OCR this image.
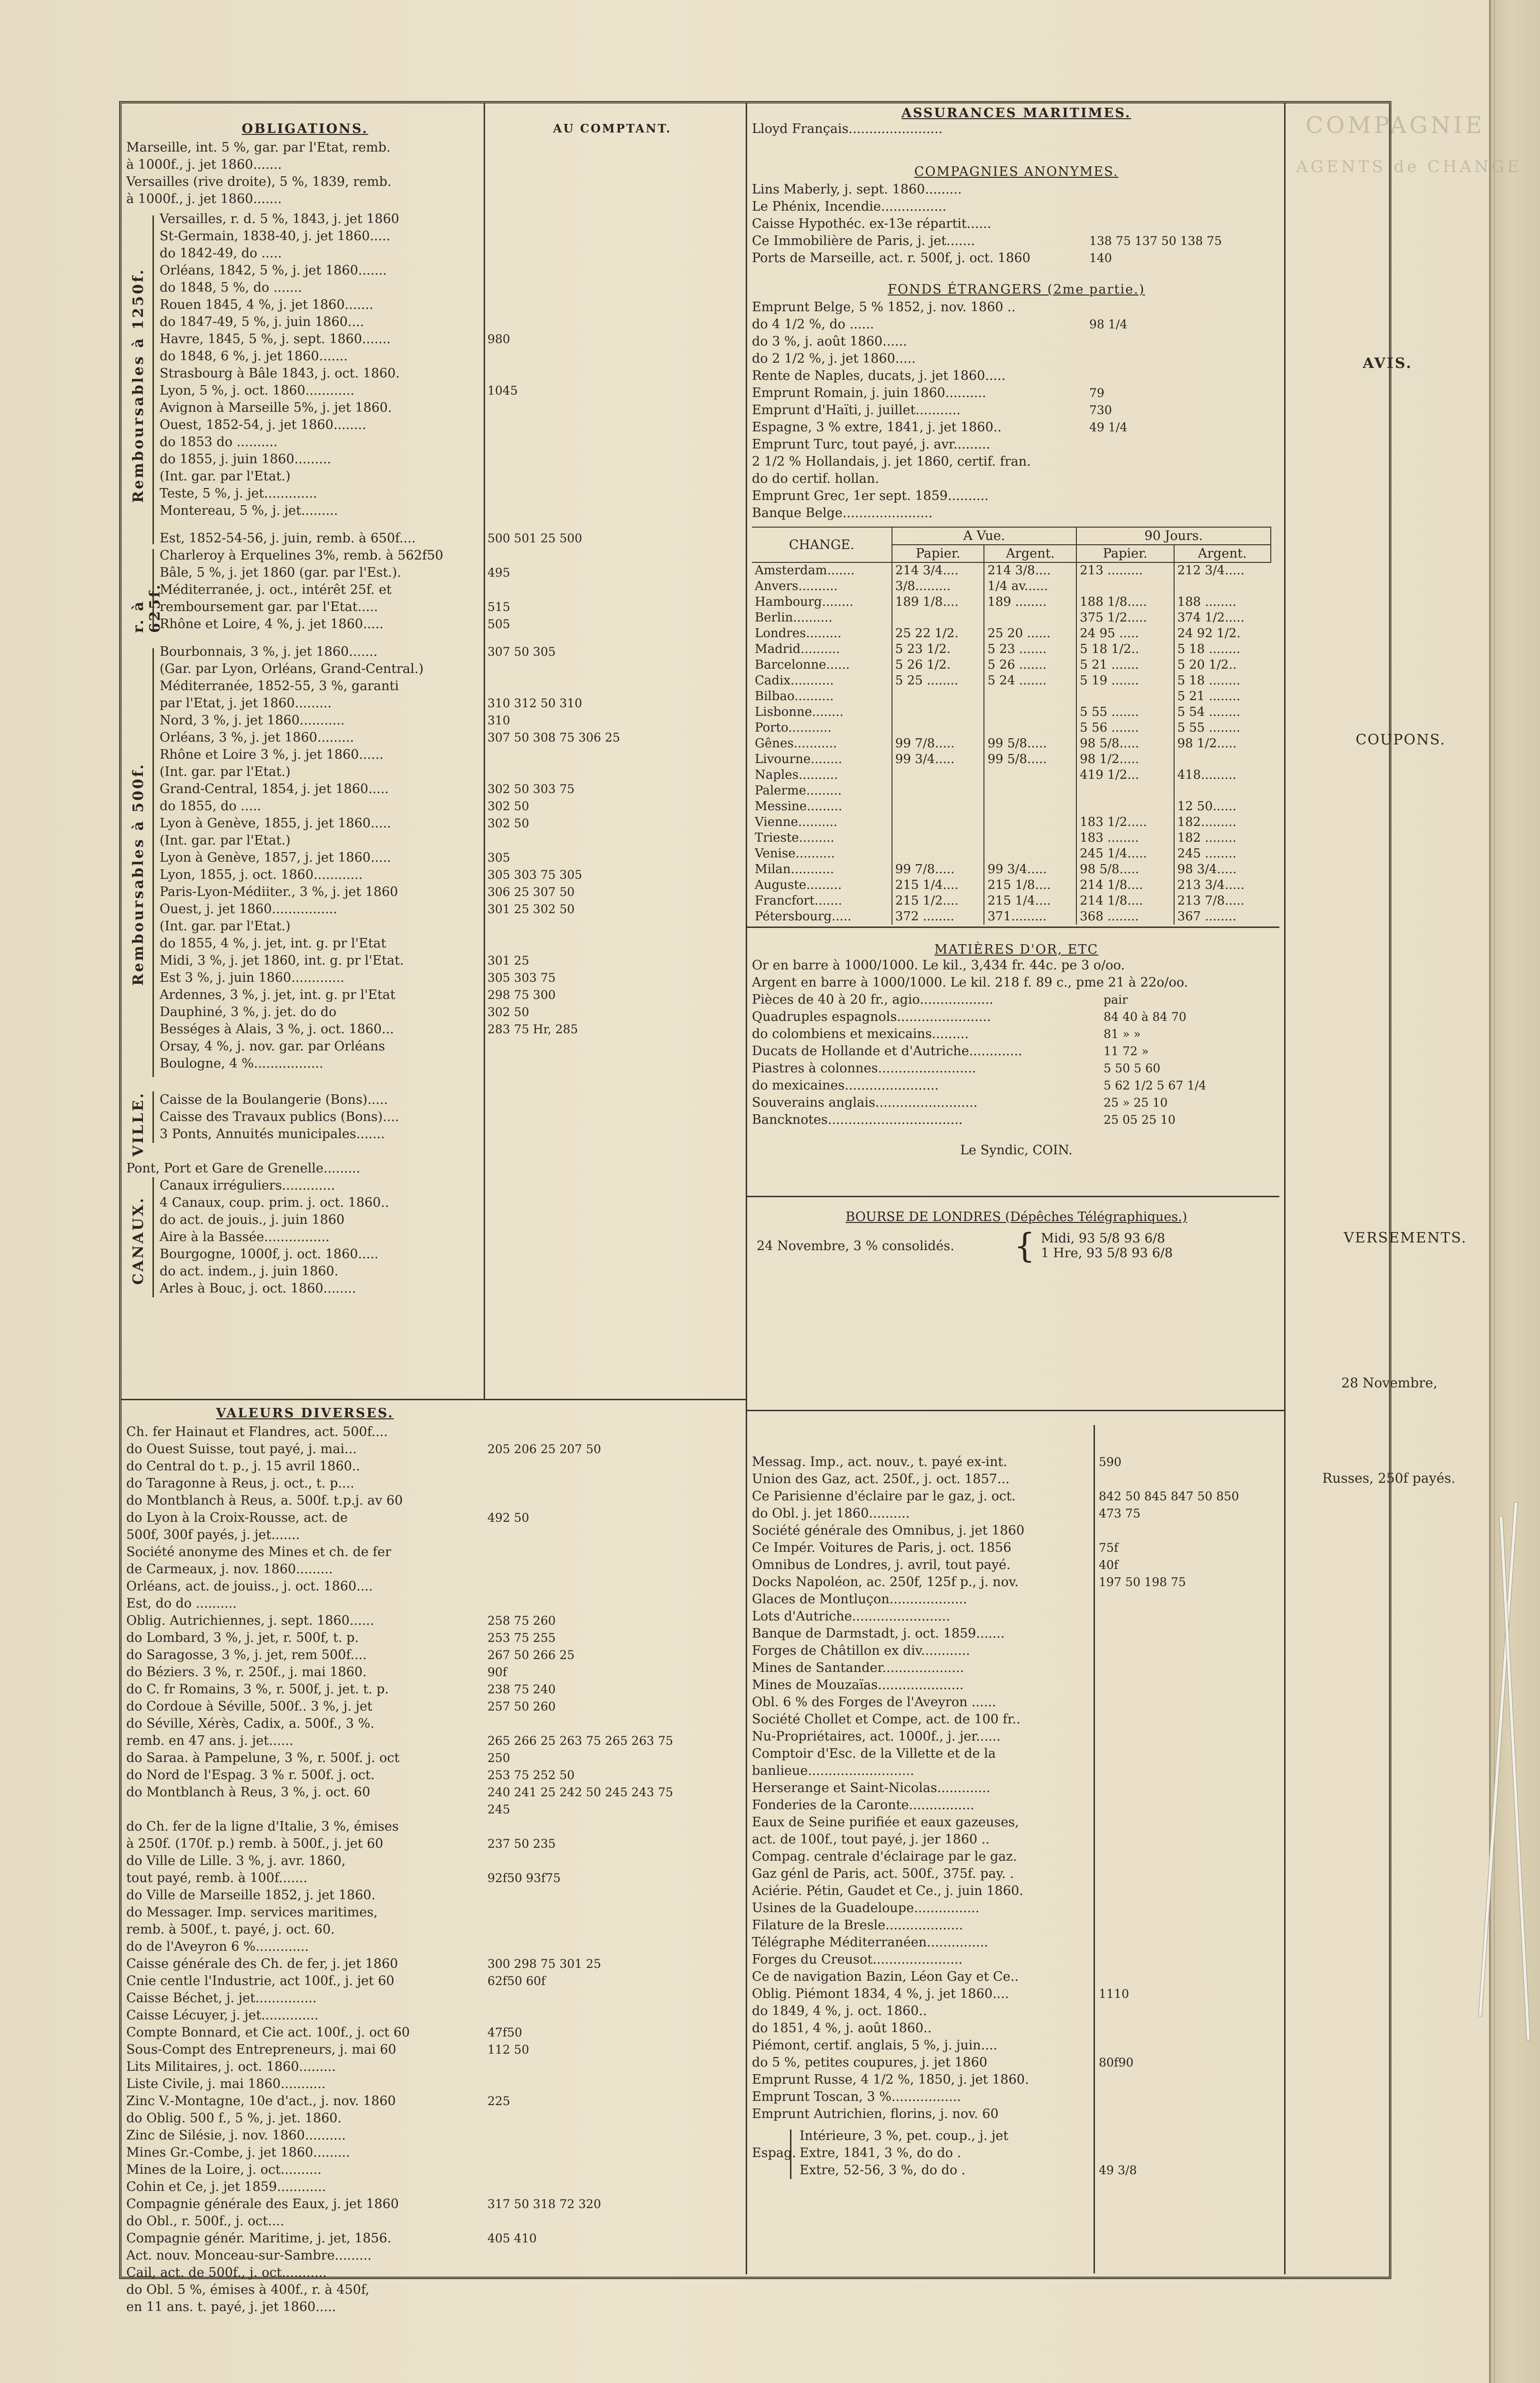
COMPAGNIE
AGENTS de CHANGE
OBLIGATIONS.	AU COMPTANT.
Marseille, int. 5 %, gar. par l'Etat, remb.
à 1000f., j. jet 1860.......
Versailles (rive droite), 5 %, 1839, remb.
à 1000f., j. jet 1860.......
Remboursables à 1250f.
Versailles, r. d. 5 %, 1843, j. jet 1860
St-Germain, 1838-40, j. jet 1860.....
do 1842-49, do .....
Orléans, 1842, 5 %, j. jet 1860.......
do 1848, 5 %, do .......
Rouen 1845, 4 %, j. jet 1860.......
do 1847-49, 5 %, j. juin 1860....
Havre, 1845, 5 %, j. sept. 1860.......	980
do 1848, 6 %, j. jet 1860.......
Strasbourg à Bâle 1843, j. oct. 1860.
Lyon, 5 %, j. oct. 1860............	1045
Avignon à Marseille 5%, j. jet 1860.
Ouest, 1852-54, j. jet 1860........
do 1853 do ..........
do 1855, j. juin 1860.........
(Int. gar. par l'Etat.)
Teste, 5 %, j. jet.............
Montereau, 5 %, j. jet.........
r. à 625f.
Est, 1852-54-56, j. juin, remb. à 650f....	500 501 25 500
Charleroy à Erquelines 3%, remb. à 562f50
Bâle, 5 %, j. jet 1860 (gar. par l'Est.).	495
Méditerranée, j. oct., intérêt 25f. et
remboursement gar. par l'Etat.....	515
Rhône et Loire, 4 %, j. jet 1860.....	505
Remboursables à 500f.
Bourbonnais, 3 %, j. jet 1860.......	307 50 305
(Gar. par Lyon, Orléans, Grand-Central.)
Méditerranée, 1852-55, 3 %, garanti
par l'Etat, j. jet 1860.........	310 312 50 310
Nord, 3 %, j. jet 1860...........	310
Orléans, 3 %, j. jet 1860.........	307 50 308 75 306 25
Rhône et Loire 3 %, j. jet 1860......
(Int. gar. par l'Etat.)
Grand-Central, 1854, j. jet 1860.....	302 50 303 75
do 1855, do .....	302 50
Lyon à Genève, 1855, j. jet 1860.....	302 50
(Int. gar. par l'Etat.)
Lyon à Genève, 1857, j. jet 1860.....	305
Lyon, 1855, j. oct. 1860............	305 303 75 305
Paris-Lyon-Médiiter., 3 %, j. jet 1860	306 25 307 50
Ouest, j. jet 1860................	301 25 302 50
(Int. gar. par l'Etat.)
do 1855, 4 %, j. jet, int. g. pr l'Etat
Midi, 3 %, j. jet 1860, int. g. pr l'Etat.	301 25
Est 3 %, j. juin 1860.............	305 303 75
Ardennes, 3 %, j. jet, int. g. pr l'Etat	298 75 300
Dauphiné, 3 %, j. jet. do do	302 50
Bességes à Alais, 3 %, j. oct. 1860...	283 75 Hr, 285
Orsay, 4 %, j. nov. gar. par Orléans
Boulogne, 4 %.................
VILLE. Caisse de la Boulangerie (Bons).....
Caisse des Travaux publics (Bons)....
3 Ponts, Annuités municipales.......
Pont, Port et Gare de Grenelle.........
CANAUX.
Canaux irréguliers.............
4 Canaux, coup. prim. j. oct. 1860..
do act. de jouis., j. juin 1860
Aire à la Bassée................
Bourgogne, 1000f, j. oct. 1860.....
do act. indem., j. juin 1860.
Arles à Bouc, j. oct. 1860........
VALEURS DIVERSES.
Ch. fer Hainaut et Flandres, act. 500f....
do Ouest Suisse, tout payé, j. mai...	205 206 25 207 50
do Central do t. p., j. 15 avril 1860..
do Taragonne à Reus, j. oct., t. p....
do Montblanch à Reus, a. 500f. t.p.j. av 60
do Lyon à la Croix-Rousse, act. de	492 50
500f, 300f payés, j. jet.......
Société anonyme des Mines et ch. de fer
de Carmeaux, j. nov. 1860.........
Orléans, act. de jouiss., j. oct. 1860....
Est, do do ..........
Oblig. Autrichiennes, j. sept. 1860......	258 75 260
do Lombard, 3 %, j. jet, r. 500f, t. p.	253 75 255
do Saragosse, 3 %, j. jet, rem 500f....	267 50 266 25
do Béziers. 3 %, r. 250f., j. mai 1860.	90f
do C. fr Romains, 3 %, r. 500f, j. jet. t. p.	238 75 240
do Cordoue à Séville, 500f.. 3 %, j. jet	257 50 260
do Séville, Xérès, Cadix, a. 500f., 3 %.
remb. en 47 ans. j. jet......	265 266 25 263 75 265 263 75
do Saraa. à Pampelune, 3 %, r. 500f. j. oct	250
do Nord de l'Espag. 3 % r. 500f. j. oct.	253 75 252 50
do Montblanch à Reus, 3 %, j. oct. 60	240 241 25 242 50 245 243 75
245
do Ch. fer de la ligne d'Italie, 3 %, émises
à 250f. (170f. p.) remb. à 500f., j. jet 60	237 50 235
do Ville de Lille. 3 %, j. avr. 1860,
tout payé, remb. à 100f.......	92f50 93f75
do Ville de Marseille 1852, j. jet 1860.
do Messager. Imp. services maritimes,
remb. à 500f., t. payé, j. oct. 60.
do de l'Aveyron 6 %.............
Caisse générale des Ch. de fer, j. jet 1860	300 298 75 301 25
Cnie centle l'Industrie, act 100f., j. jet 60	62f50 60f
Caisse Béchet, j. jet...............
Caisse Lécuyer, j. jet..............
Compte Bonnard, et Cie act. 100f., j. oct 60	47f50
Sous-Compt des Entrepreneurs, j. mai 60	112 50
Lits Militaires, j. oct. 1860.........
Liste Civile, j. mai 1860...........
Zinc V.-Montagne, 10e d'act., j. nov. 1860	225
do Oblig. 500 f., 5 %, j. jet. 1860.
Zinc de Silésie, j. nov. 1860..........
Mines Gr.-Combe, j. jet 1860.........
Mines de la Loire, j. oct..........
Cohin et Ce, j. jet 1859............
Compagnie générale des Eaux, j. jet 1860	317 50 318 72 320
do Obl., r. 500f., j. oct....
Compagnie génér. Maritime, j. jet, 1856.	405 410
Act. nouv. Monceau-sur-Sambre.........
Cail, act. de 500f., j. oct...........
do Obl. 5 %, émises à 400f., r. à 450f,
en 11 ans. t. payé, j. jet 1860.....
ASSURANCES MARITIMES.
Lloyd Français.......................
COMPAGNIES ANONYMES.
Lins Maberly, j. sept. 1860.........
Le Phénix, Incendie................
Caisse Hypothéc. ex-13e répartit......
Ce Immobilière de Paris, j. jet.......	138 75 137 50 138 75
Ports de Marseille, act. r. 500f, j. oct. 1860	140
FONDS ÉTRANGERS (2me partie.)
Emprunt Belge, 5 % 1852, j. nov. 1860 ..
do 4 1/2 %, do ......	98 1/4
do 3 %, j. août 1860......
do 2 1/2 %, j. jet 1860.....
Rente de Naples, ducats, j. jet 1860.....
Emprunt Romain, j. juin 1860..........	79
Emprunt d'Haïti, j. juillet...........	730
Espagne, 3 % extre, 1841, j. jet 1860..	49 1/4
Emprunt Turc, tout payé, j. avr.........
2 1/2 % Hollandais, j. jet 1860, certif. fran.
do do certif. hollan.
Emprunt Grec, 1er sept. 1859..........
Banque Belge......................
CHANGE.	A Vue.		90 Jours.	
	Papier.	Argent.	Papier.	Argent.
Amsterdam.......	214 3/4....	214 3/8....	213 .........	212 3/4.....
Anvers..........	3/8.........	1/4 av......		
Hambourg........	189 1/8....	189 ........	188 1/8.....	188 ........
Berlin..........			375 1/2.....	374 1/2.....
Londres.........	25 22 1/2.	25 20 ......	24 95 .....	24 92 1/2.
Madrid..........	5 23 1/2.	5 23 .......	5 18 1/2..	5 18 ........
Barcelonne......	5 26 1/2.	5 26 .......	5 21 .......	5 20 1/2..
Cadix...........	5 25 ........	5 24 .......	5 19 .......	5 18 ........
Bilbao..........				5 21 ........
Lisbonne........			5 55 .......	5 54 ........
Porto...........			5 56 .......	5 55 ........
Gênes...........	99 7/8.....	99 5/8.....	98 5/8.....	98 1/2.....
Livourne........	99 3/4.....	99 5/8.....	98 1/2.....	
Naples..........			419 1/2...	418.........
Palerme.........				
Messine.........				12 50......
Vienne..........			183 1/2.....	182.........
Trieste.........			183 ........	182 ........
Venise..........			245 1/4.....	245 ........
Milan...........	99 7/8.....	99 3/4.....	98 5/8.....	98 3/4.....
Auguste.........	215 1/4....	215 1/8....	214 1/8....	213 3/4.....
Francfort.......	215 1/2....	215 1/4....	214 1/8....	213 7/8.....
Pétersbourg.....	372 ........	371.........	368 ........	367 ........
MATIÈRES D'OR, ETC
Or en barre à 1000/1000. Le kil., 3,434 fr. 44c. pe 3 o/oo.
Argent en barre à 1000/1000. Le kil. 218 f. 89 c., pme 21 à 22o/oo.
Pièces de 40 à 20 fr., agio..................	pair
Quadruples espagnols.......................	84 40 à 84 70
do colombiens et mexicains.........	81 » »
Ducats de Hollande et d'Autriche.............	11 72 »
Piastres à colonnes........................	5 50 5 60
do mexicaines.......................	5 62 1/2 5 67 1/4
Souverains anglais.........................	25 » 25 10
Bancknotes.................................	25 05 25 10
Le Syndic, COIN.
BOURSE DE LONDRES (Dépêches Télégraphiques.)
24 Novembre, 3 % consolidés.	{ Midi, 93 5/8 93 6/8
1 Hre, 93 5/8 93 6/8
Messag. Imp., act. nouv., t. payé ex-int.	590
Union des Gaz, act. 250f., j. oct. 1857...
Ce Parisienne d'éclaire par le gaz, j. oct.	842 50 845 847 50 850
do Obl. j. jet 1860..........	473 75
Société générale des Omnibus, j. jet 1860
Ce Impér. Voitures de Paris, j. oct. 1856	75f
Omnibus de Londres, j. avril, tout payé.	40f
Docks Napoléon, ac. 250f, 125f p., j. nov.	197 50 198 75
Glaces de Montluçon...................
Lots d'Autriche........................
Banque de Darmstadt, j. oct. 1859.......
Forges de Châtillon ex div............
Mines de Santander....................
Mines de Mouzaïas.....................
Obl. 6 % des Forges de l'Aveyron ......
Société Chollet et Compe, act. de 100 fr..
Nu-Propriétaires, act. 1000f., j. jer......
Comptoir d'Esc. de la Villette et de la
banlieue..........................
Herserange et Saint-Nicolas.............
Fonderies de la Caronte................
Eaux de Seine purifiée et eaux gazeuses,
act. de 100f., tout payé, j. jer 1860 ..
Compag. centrale d'éclairage par le gaz.
Gaz génl de Paris, act. 500f., 375f. pay. .
Aciérie. Pétin, Gaudet et Ce., j. juin 1860.
Usines de la Guadeloupe................
Filature de la Bresle...................
Télégraphe Méditerranéen...............
Forges du Creusot......................
Ce de navigation Bazin, Léon Gay et Ce..
Oblig. Piémont 1834, 4 %, j. jet 1860....	1110
do 1849, 4 %, j. oct. 1860..
do 1851, 4 %, j. août 1860..
Piémont, certif. anglais, 5 %, j. juin....
do 5 %, petites coupures, j. jet 1860	80f90
Emprunt Russe, 4 1/2 %, 1850, j. jet 1860.
Emprunt Toscan, 3 %.................
Emprunt Autrichien, florins, j. nov. 60
Espag.
Intérieure, 3 %, pet. coup., j. jet
Extre, 1841, 3 %, do do .
Extre, 52-56, 3 %, do do .	49 3/8
AVIS.
COUPONS.
VERSEMENTS.
28 Novembre,
Russes, 250f payés.
